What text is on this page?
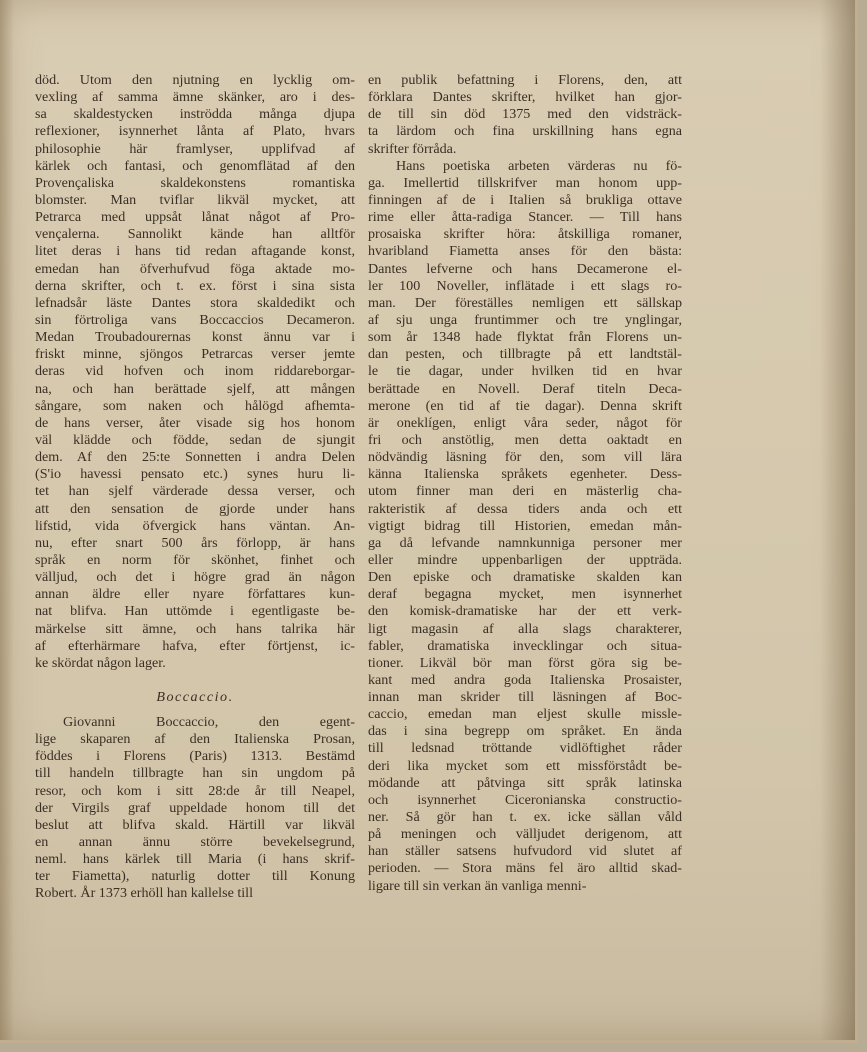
död. Utom den njutning en lycklig om-
vexling af samma ämne skänker, aro i des-
sa skaldestycken inströdda många djupa
reflexioner, isynnerhet lånta af Plato, hvars
philosophie här framlyser, upplifvad af
kärlek och fantasi, och genomflätad af den
Provençaliska skaldekonstens romantiska
blomster. Man tviflar likväl mycket, att
Petrarca med uppsåt lånat något af Pro-
vençalerna. Sannolikt kände han alltför
litet deras i hans tid redan aftagande konst,
emedan han öfverhufvud föga aktade mo-
derna skrifter, och t. ex. först i sina sista
lefnadsår läste Dantes stora skaldedikt och
sin förtroliga vans Boccaccios Decameron.
Medan Troubadourernas konst ännu var i
friskt minne, sjöngos Petrarcas verser jemte
deras vid hofven och inom riddareborgar-
na, och han berättade sjelf, att mången
sångare, som naken och hålögd afhemta-
de hans verser, åter visade sig hos honom
väl klädde och födde, sedan de sjungit
dem. Af den 25:te Sonnetten i andra Delen
(S'io havessi pensato etc.) synes huru li-
tet han sjelf värderade dessa verser, och
att den sensation de gjorde under hans
lifstid, vida öfvergick hans väntan. An-
nu, efter snart 500 års förlopp, är hans
språk en norm för skönhet, finhet och
välljud, och det i högre grad än någon
annan äldre eller nyare författares kun-
nat blifva. Han uttömde i egentligaste be-
märkelse sitt ämne, och hans talrika här
af efterhärmare hafva, efter förtjenst, ic-
ke skördat någon lager.
Boccaccio.
Giovanni Boccaccio, den egent-
lige skaparen af den Italienska Prosan,
föddes i Florens (Paris) 1313. Bestämd
till handeln tillbragte han sin ungdom på
resor, och kom i sitt 28:de år till Neapel,
der Virgils graf uppeldade honom till det
beslut att blifva skald. Härtill var likväl
en annan ännu större bevekelsegrund,
neml. hans kärlek till Maria (i hans skrif-
ter Fiametta), naturlig dotter till Konung
Robert. År 1373 erhöll han kallelse till
en publik befattning i Florens, den, att
förklara Dantes skrifter, hvilket han gjor-
de till sin död 1375 med den vidsträck-
ta lärdom och fina urskillning hans egna
skrifter förråda.
Hans poetiska arbeten värderas nu fö-
ga. Imellertid tillskrifver man honom upp-
finningen af de i Italien så brukliga ottave
rime eller åtta-radiga Stancer. — Till hans
prosaiska skrifter höra: åtskilliga romaner,
hvaribland Fiametta anses för den bästa:
Dantes lefverne och hans Decamerone el-
ler 100 Noveller, inflätade i ett slags ro-
man. Der föreställes nemligen ett sällskap
af sju unga fruntimmer och tre ynglingar,
som år 1348 hade flyktat från Florens un-
dan pesten, och tillbragte på ett landtstäl-
le tie dagar, under hvilken tid en hvar
berättade en Novell. Deraf titeln Deca-
merone (en tid af tie dagar). Denna skrift
är oneklígen, enligt våra seder, något för
fri och anstötlig, men detta oaktadt en
nödvändig läsning för den, som vill lära
känna Italienska språkets egenheter. Dess-
utom finner man deri en mästerlig cha-
rakteristik af dessa tiders anda och ett
vigtigt bidrag till Historien, emedan mån-
ga då lefvande namnkunniga personer mer
eller mindre uppenbarligen der uppträda.
Den episke och dramatiske skalden kan
deraf begagna mycket, men isynnerhet
den komisk-dramatiske har der ett verk-
ligt magasin af alla slags charakterer,
fabler, dramatiska invecklingar och situa-
tioner. Likväl bör man först göra sig be-
kant med andra goda Italienska Prosaister,
innan man skrider till läsningen af Boc-
caccio, emedan man eljest skulle missle-
das i sina begrepp om språket. En ända
till ledsnad tröttande vidlöftighet råder
deri lika mycket som ett missförstådt be-
mödande att påtvinga sitt språk latinska
och isynnerhet Ciceronianska constructio-
ner. Så gör han t. ex. icke sällan våld
på meningen och välljudet derigenom, att
han ställer satsens hufvudord vid slutet af
perioden. — Stora mäns fel äro alltid skad-
ligare till sin verkan än vanliga menni-
